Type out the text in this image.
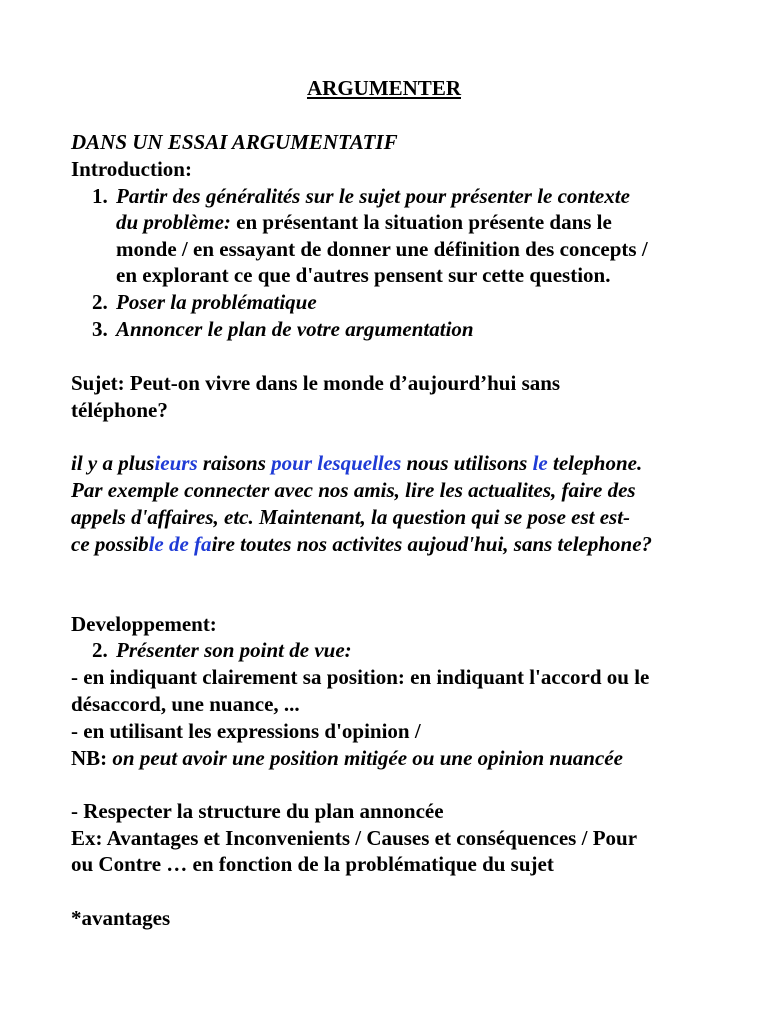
ARGUMENTER
DANS UN ESSAI ARGUMENTATIF
Introduction:
1. Partir des généralités sur le sujet pour présenter le contexte
du problème: en présentant la situation présente dans le
monde / en essayant de donner une définition des concepts /
en explorant ce que d'autres pensent sur cette question.
2. Poser la problématique
3. Annoncer le plan de votre argumentation
Sujet: Peut-on vivre dans le monde d’aujourd’hui sans
téléphone?
il y a plusieurs raisons pour lesquelles nous utilisons le telephone.
Par exemple connecter avec nos amis, lire les actualites, faire des
appels d'affaires, etc. Maintenant, la question qui se pose est est-
ce possible de faire toutes nos activites aujoud'hui, sans telephone?
Developpement:
2. Présenter son point de vue:
- en indiquant clairement sa position: en indiquant l'accord ou le
désaccord, une nuance, ...
- en utilisant les expressions d'opinion /
NB: on peut avoir une position mitigée ou une opinion nuancée
- Respecter la structure du plan annoncée
Ex: Avantages et Inconvenients / Causes et conséquences / Pour
ou Contre … en fonction de la problématique du sujet
*avantages
